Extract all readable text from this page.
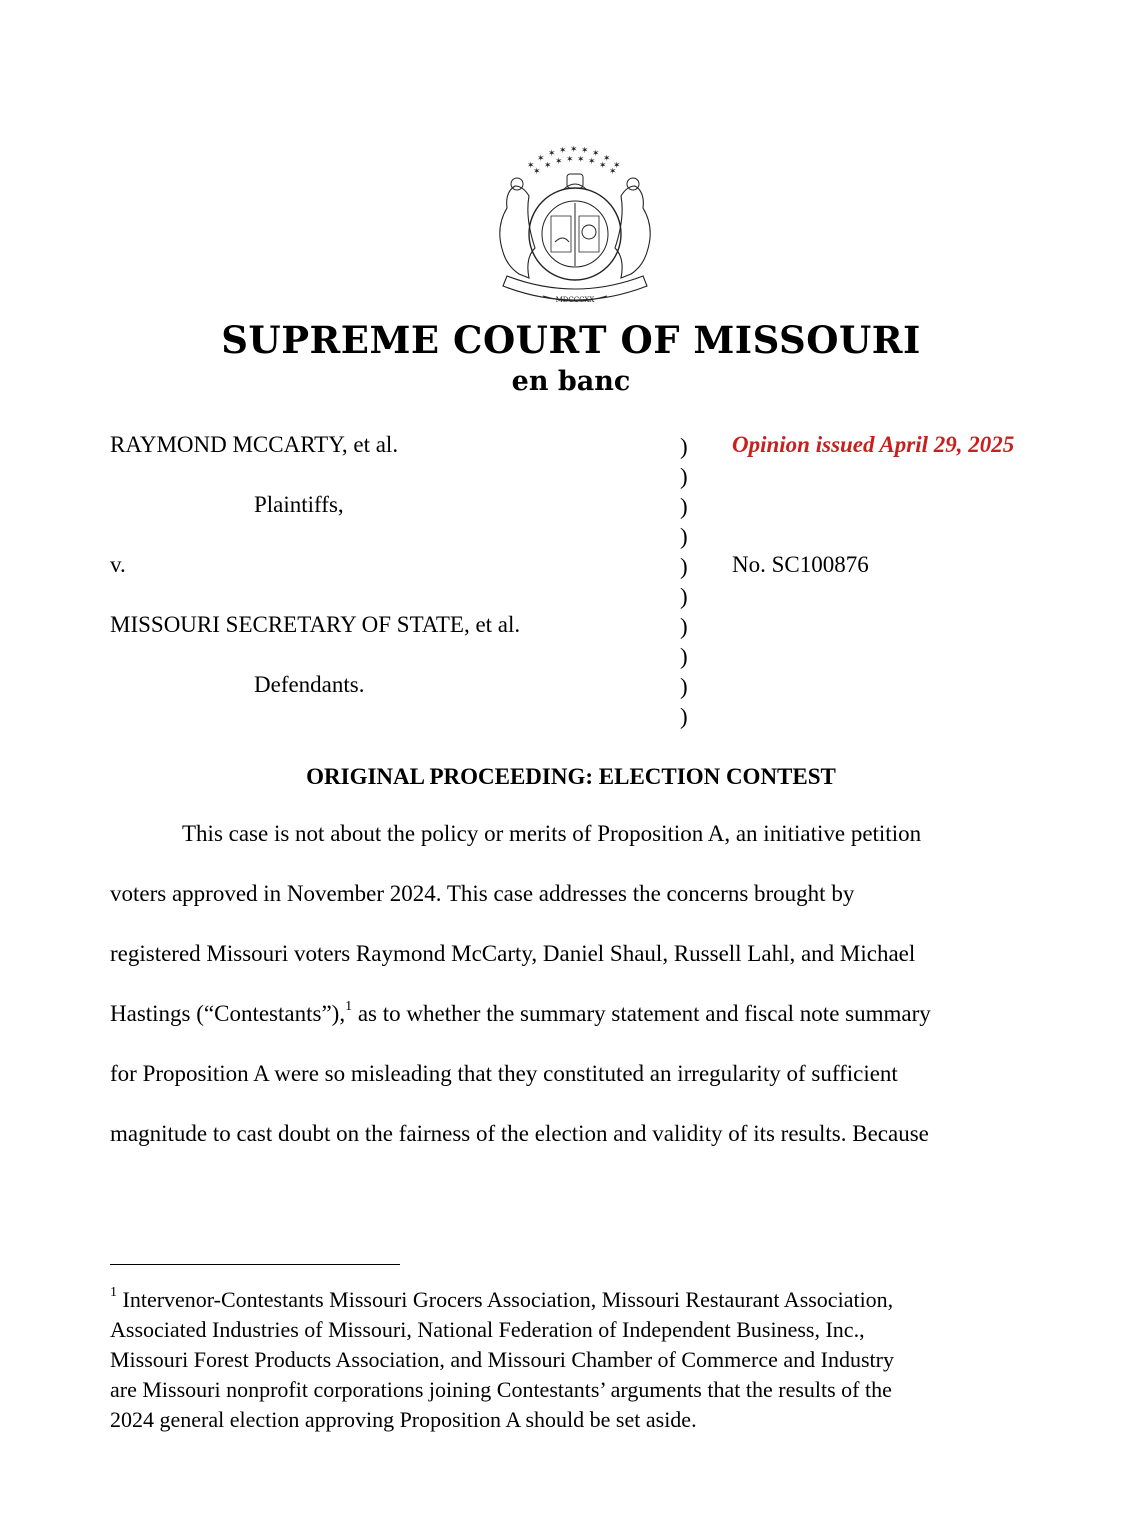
✶
✶ ✶ ✶ ✶ ✶ ✶ ✶
✶
✶
✶ ✶ ✶ ✶ ✶ ✶
✶
MDCCCXX
SUPREME COURT OF MISSOURI
en banc
RAYMOND MCCARTY, et al.
Plaintiffs,
v.
MISSOURI SECRETARY OF STATE, et al.
Defendants.
)
)
)
)
)
)
)
)
)
)
Opinion issued April 29, 2025
No. SC100876
ORIGINAL PROCEEDING: ELECTION CONTEST
This case is not about the policy or merits of Proposition A, an initiative petition
voters approved in November 2024. This case addresses the concerns brought by
registered Missouri voters Raymond McCarty, Daniel Shaul, Russell Lahl, and Michael
Hastings (“Contestants”),$^1$ as to whether the summary statement and fiscal note summary
for Proposition A were so misleading that they constituted an irregularity of sufficient
magnitude to cast doubt on the fairness of the election and validity of its results. Because
$^1$ Intervenor-Contestants Missouri Grocers Association, Missouri Restaurant Association,
Associated Industries of Missouri, National Federation of Independent Business, Inc.,
Missouri Forest Products Association, and Missouri Chamber of Commerce and Industry
are Missouri nonprofit corporations joining Contestants’ arguments that the results of the
2024 general election approving Proposition A should be set aside.
